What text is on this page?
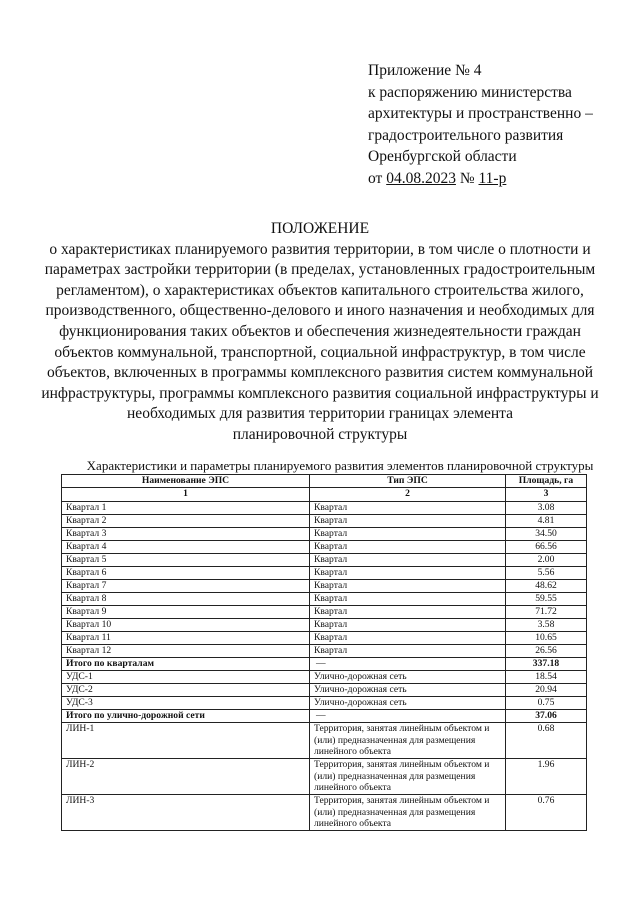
Приложение № 4
к распоряжению министерства
архитектуры и пространственно –
градостроительного развития
Оренбургской области
от 04.08.2023 № 11-р
ПОЛОЖЕНИЕ
о характеристиках планируемого развития территории, в том числе о плотности и
параметрах застройки территории (в пределах, установленных градостроительным
регламентом), о характеристиках объектов капитального строительства жилого,
производственного, общественно-делового и иного назначения и необходимых для
функционирования таких объектов и обеспечения жизнедеятельности граждан
объектов коммунальной, транспортной, социальной инфраструктур, в том числе
объектов, включенных в программы комплексного развития систем коммунальной
инфраструктуры, программы комплексного развития социальной инфраструктуры и
необходимых для развития территории границах элемента
планировочной структуры
Характеристики и параметры планируемого развития элементов планировочной структуры
Наименование ЭПС	Тип ЭПС	Площадь, га
1	2	3
Квартал 1	Квартал	3.08
Квартал 2	Квартал	4.81
Квартал 3	Квартал	34.50
Квартал 4	Квартал	66.56
Квартал 5	Квартал	2.00
Квартал 6	Квартал	5.56
Квартал 7	Квартал	48.62
Квартал 8	Квартал	59.55
Квартал 9	Квартал	71.72
Квартал 10	Квартал	3.58
Квартал 11	Квартал	10.65
Квартал 12	Квартал	26.56
Итого по кварталам	—	337.18
УДС-1	Улично-дорожная сеть	18.54
УДС-2	Улично-дорожная сеть	20.94
УДС-3	Улично-дорожная сеть	0.75
Итого по улично-дорожной сети	—	37.06
ЛИН-1	Территория, занятая линейным объектом и (или) предназначенная для размещения линейного объекта	0.68
ЛИН-2	Территория, занятая линейным объектом и (или) предназначенная для размещения линейного объекта	1.96
ЛИН-3	Территория, занятая линейным объектом и (или) предназначенная для размещения линейного объекта	0.76
